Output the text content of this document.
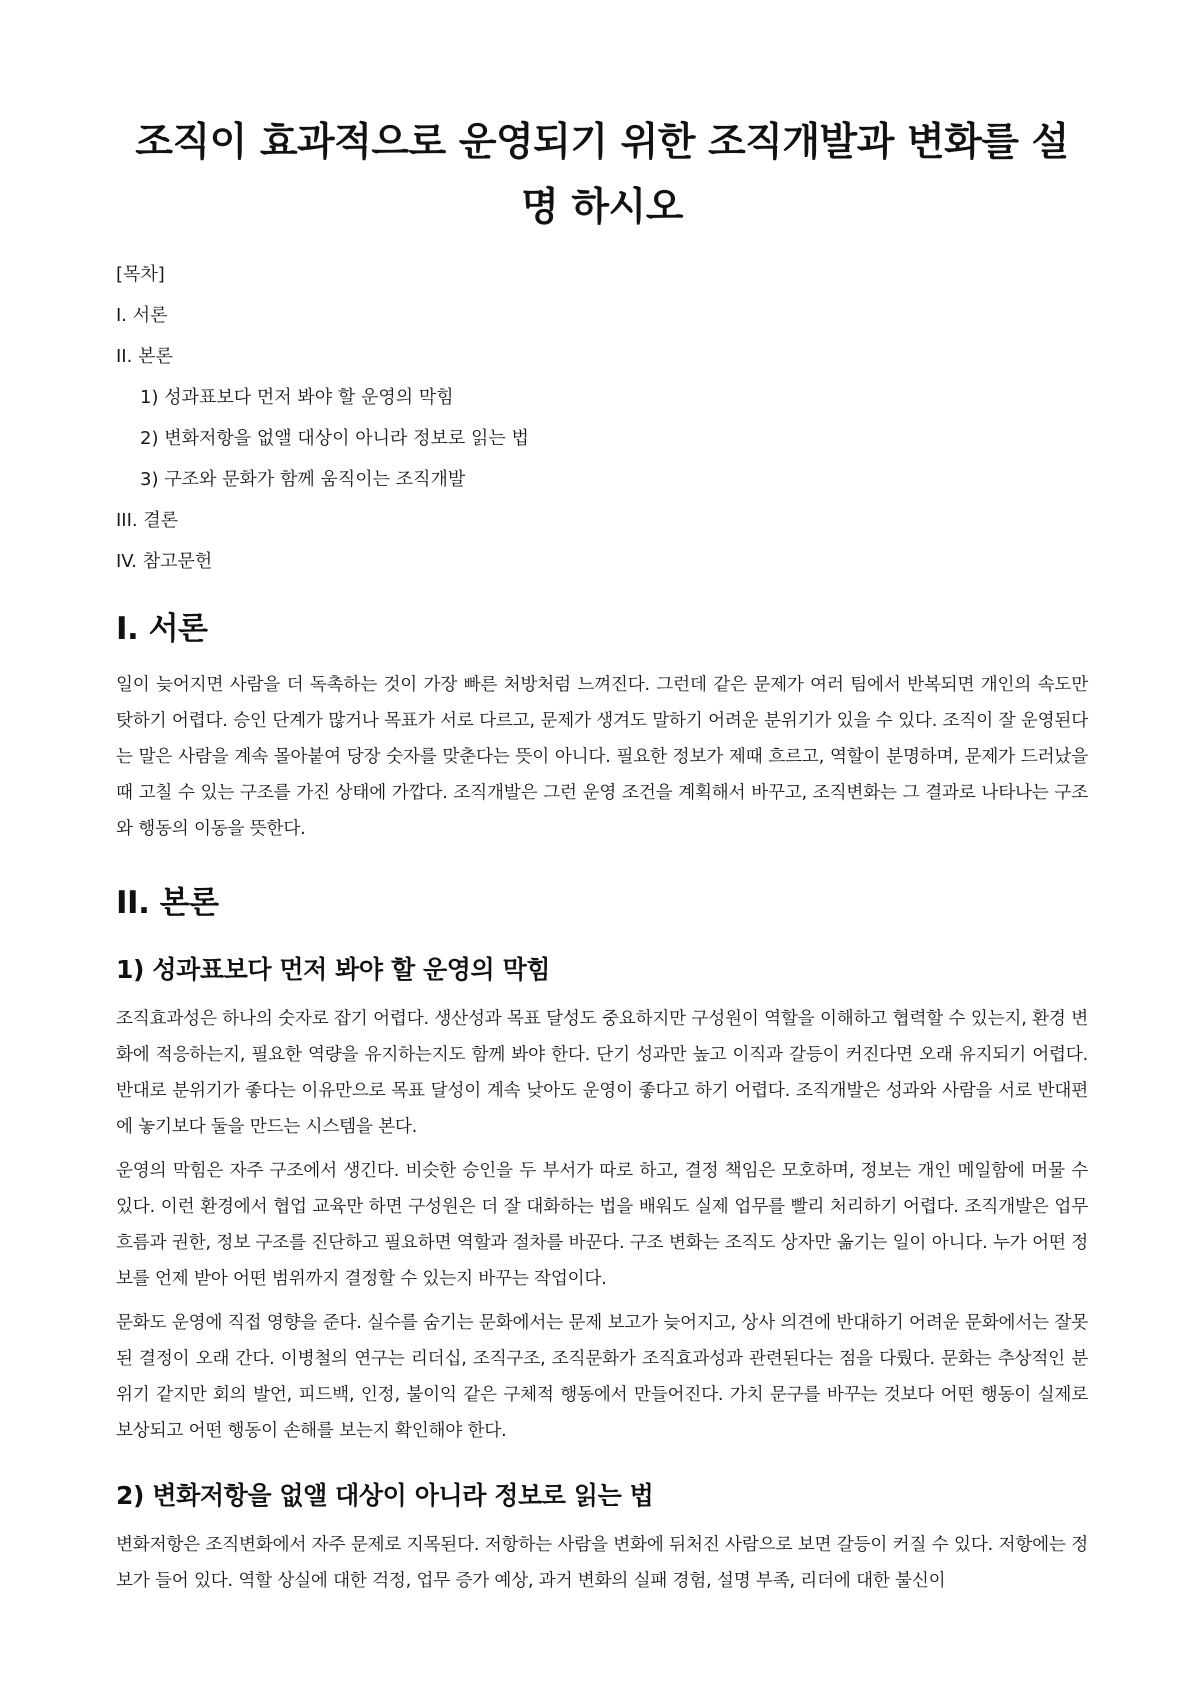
조직이 효과적으로 운영되기 위한 조직개발과 변화를 설명 하시오
[목차]
I. 서론
II. 본론
1) 성과표보다 먼저 봐야 할 운영의 막힘
2) 변화저항을 없앨 대상이 아니라 정보로 읽는 법
3) 구조와 문화가 함께 움직이는 조직개발
III. 결론
IV. 참고문헌
I. 서론

일이 늦어지면 사람을 더 독촉하는 것이 가장 빠른 처방처럼 느껴진다. 그런데 같은 문제가 여러 팀에서 반복되면 개인의 속도만 탓하기 어렵다. 승인 단계가 많거나 목표가 서로 다르고, 문제가 생겨도 말하기 어려운 분위기가 있을 수 있다. 조직이 잘 운영된다는 말은 사람을 계속 몰아붙여 당장 숫자를 맞춘다는 뜻이 아니다. 필요한 정보가 제때 흐르고, 역할이 분명하며, 문제가 드러났을 때 고칠 수 있는 구조를 가진 상태에 가깝다. 조직개발은 그런 운영 조건을 계획해서 바꾸고, 조직변화는 그 결과로 나타나는 구조와 행동의 이동을 뜻한다.

II. 본론
1) 성과표보다 먼저 봐야 할 운영의 막힘

조직효과성은 하나의 숫자로 잡기 어렵다. 생산성과 목표 달성도 중요하지만 구성원이 역할을 이해하고 협력할 수 있는지, 환경 변화에 적응하는지, 필요한 역량을 유지하는지도 함께 봐야 한다. 단기 성과만 높고 이직과 갈등이 커진다면 오래 유지되기 어렵다. 반대로 분위기가 좋다는 이유만으로 목표 달성이 계속 낮아도 운영이 좋다고 하기 어렵다. 조직개발은 성과와 사람을 서로 반대편에 놓기보다 둘을 만드는 시스템을 본다.

운영의 막힘은 자주 구조에서 생긴다. 비슷한 승인을 두 부서가 따로 하고, 결정 책임은 모호하며, 정보는 개인 메일함에 머물 수 있다. 이런 환경에서 협업 교육만 하면 구성원은 더 잘 대화하는 법을 배워도 실제 업무를 빨리 처리하기 어렵다. 조직개발은 업무 흐름과 권한, 정보 구조를 진단하고 필요하면 역할과 절차를 바꾼다. 구조 변화는 조직도 상자만 옮기는 일이 아니다. 누가 어떤 정보를 언제 받아 어떤 범위까지 결정할 수 있는지 바꾸는 작업이다.

문화도 운영에 직접 영향을 준다. 실수를 숨기는 문화에서는 문제 보고가 늦어지고, 상사 의견에 반대하기 어려운 문화에서는 잘못된 결정이 오래 간다. 이병철의 연구는 리더십, 조직구조, 조직문화가 조직효과성과 관련된다는 점을 다뤘다. 문화는 추상적인 분위기 같지만 회의 발언, 피드백, 인정, 불이익 같은 구체적 행동에서 만들어진다. 가치 문구를 바꾸는 것보다 어떤 행동이 실제로 보상되고 어떤 행동이 손해를 보는지 확인해야 한다.

2) 변화저항을 없앨 대상이 아니라 정보로 읽는 법

변화저항은 조직변화에서 자주 문제로 지목된다. 저항하는 사람을 변화에 뒤처진 사람으로 보면 갈등이 커질 수 있다. 저항에는 정보가 들어 있다. 역할 상실에 대한 걱정, 업무 증가 예상, 과거 변화의 실패 경험, 설명 부족, 리더에 대한 불신이
